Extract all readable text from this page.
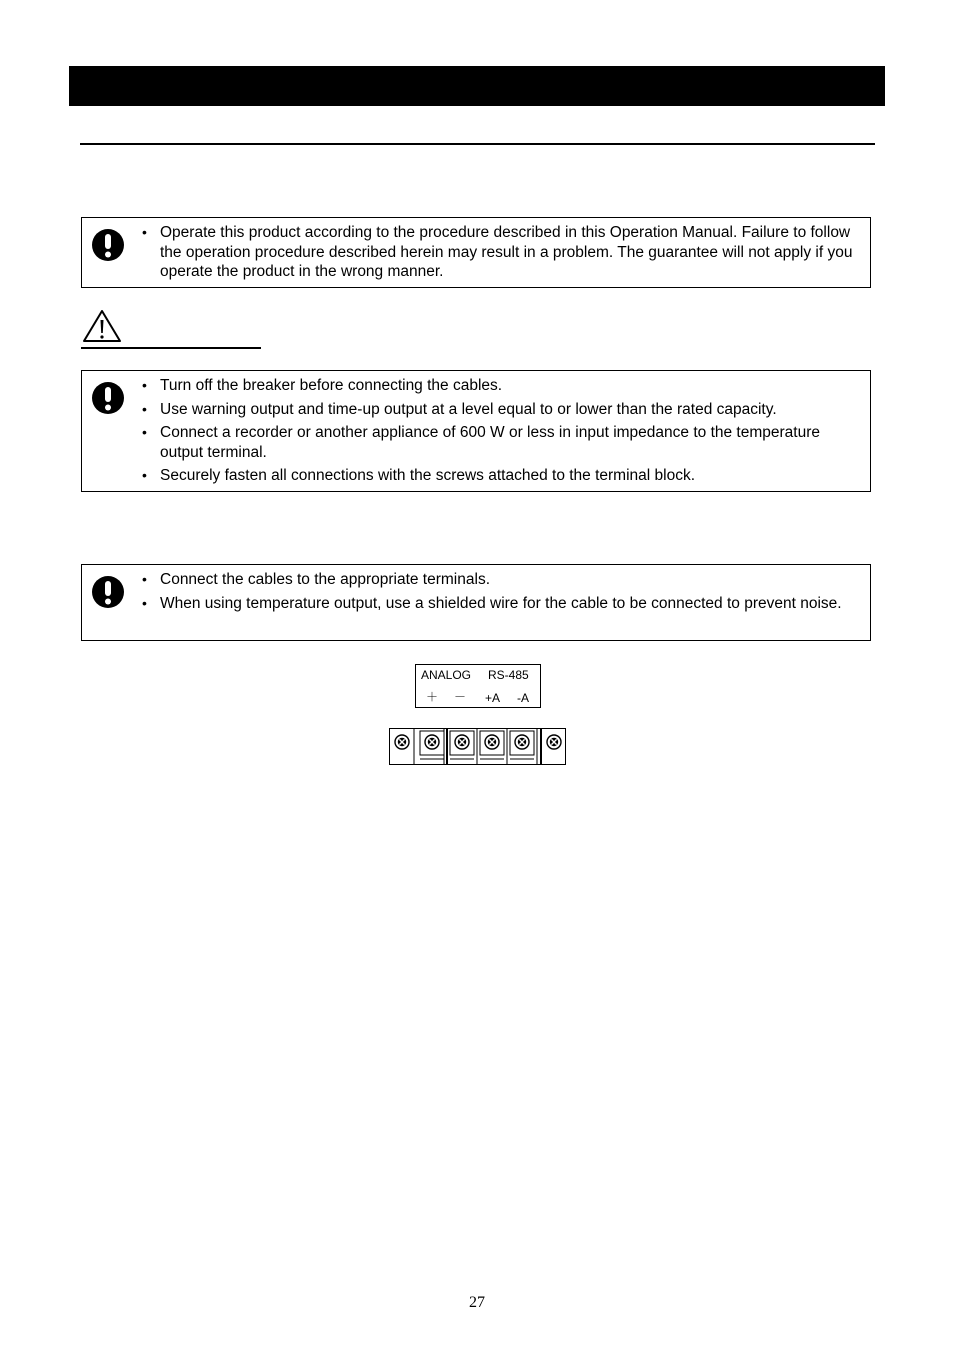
• Operate this product according to the procedure described in this Operation Manual. Failure to follow the operation procedure described herein may result in a problem. The guarantee will not apply if you operate the product in the wrong manner.
• Turn off the breaker before connecting the cables.
• Use warning output and time-up output at a level equal to or lower than the rated capacity.
• Connect a recorder or another appliance of 600 W or less in input impedance to the temperature output terminal.
• Securely fasten all connections with the screws attached to the terminal block.
• Connect the cables to the appropriate terminals.
• When using temperature output, use a shielded wire for the cable to be connected to prevent noise.
ANALOG RS-485
＋ － +A -A
27
